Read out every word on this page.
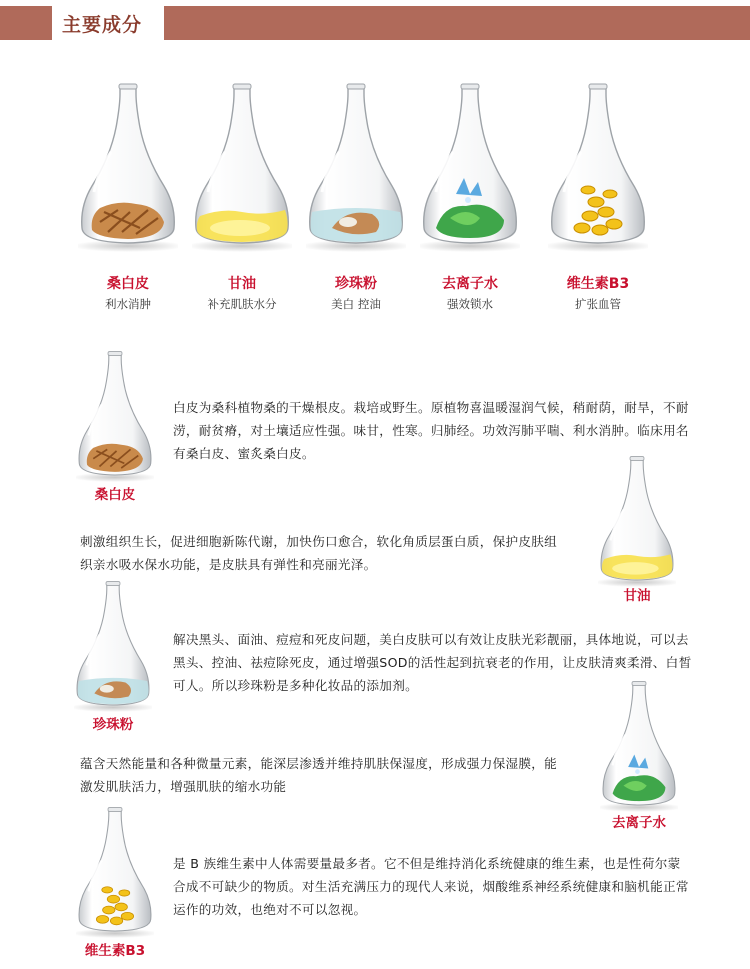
主要成分
桑白皮
利水消肿
甘油
补充肌肤水分
珍珠粉
美白 控油
去离子水
强效锁水
维生素B3
扩张血管
桑白皮
白皮为桑科植物桑的干燥根皮。栽培或野生。原植物喜温暖湿润气候，稍耐荫，耐旱，不耐涝，耐贫瘠，对土壤适应性强。味甘，性寒。归肺经。功效泻肺平喘、利水消肿。临床用名有桑白皮、蜜炙桑白皮。
刺激组织生长，促进细胞新陈代谢，加快伤口愈合，软化角质层蛋白质，保护皮肤组织亲水吸水保水功能，是皮肤具有弹性和亮丽光泽。
甘油
珍珠粉
解决黑头、面油、痘痘和死皮问题，美白皮肤可以有效让皮肤光彩靓丽，具体地说，可以去黑头、控油、祛痘除死皮，通过增强SOD的活性起到抗衰老的作用，让皮肤清爽柔滑、白皙可人。所以珍珠粉是多种化妆品的添加剂。
蕴含天然能量和各种微量元素，能深层渗透并维持肌肤保湿度，形成强力保湿膜，能激发肌肤活力，增强肌肤的缩水功能
去离子水
维生素B3
是 B 族维生素中人体需要量最多者。它不但是维持消化系统健康的维生素，也是性荷尔蒙合成不可缺少的物质。对生活充满压力的现代人来说，烟酸维系神经系统健康和脑机能正常运作的功效，也绝对不可以忽视。
